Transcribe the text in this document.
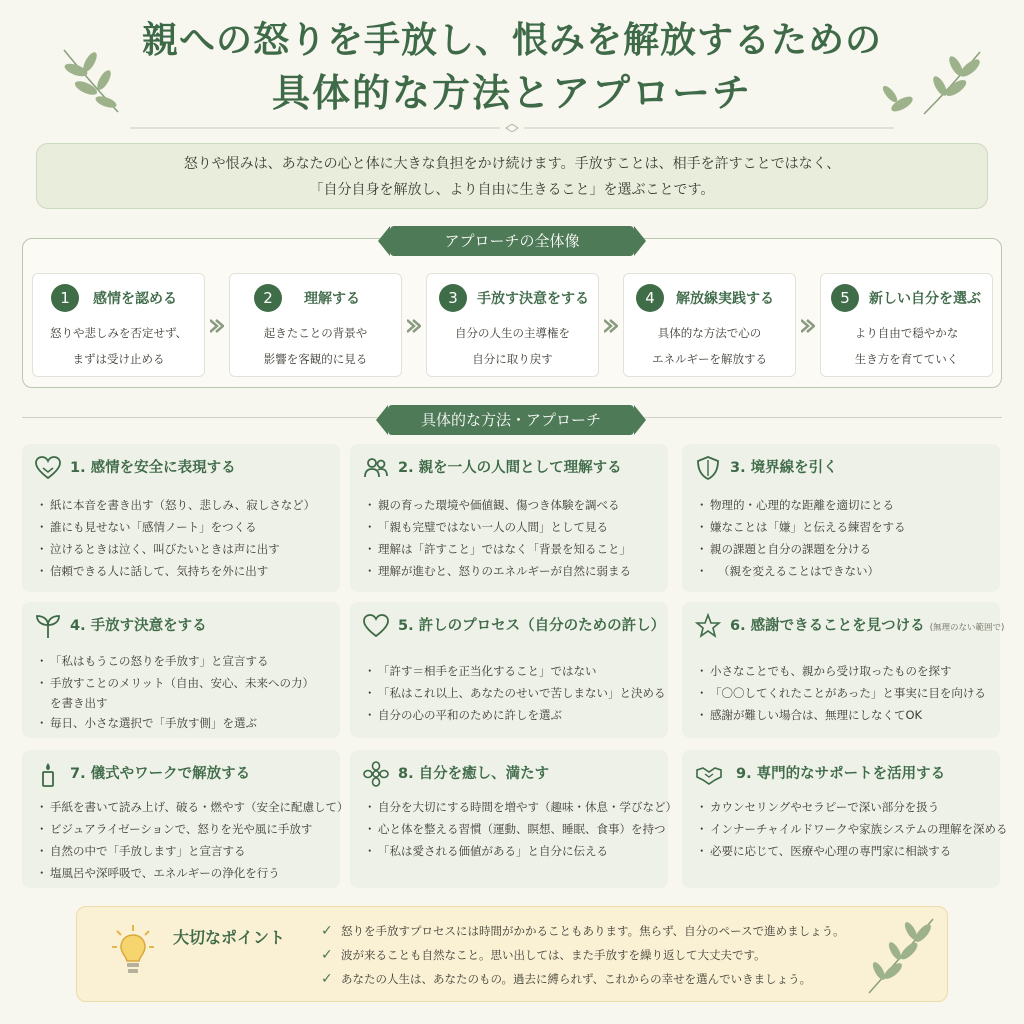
親への怒りを手放し、恨みを解放するための
具体的な方法とアプローチ
怒りや恨みは、あなたの心と体に大きな負担をかけ続けます。手放すことは、相手を許すことではなく、
「自分自身を解放し、より自由に生きること」を選ぶことです。
アプローチの全体像
1	感情を認める
怒りや悲しみを否定せず、
まずは受け止める
2	理解する
起きたことの背景や
影響を客観的に見る
3	手放す決意をする
自分の人生の主導権を
自分に取り戻す
4	解放線実践する
具体的な方法で心の
エネルギーを解放する
5	新しい自分を選ぶ
より自由で穏やかな
生き方を育てていく
具体的な方法・アプローチ
1. 感情を安全に表現する
・ 紙に本音を書き出す（怒り、悲しみ、寂しさなど）
・ 誰にも見せない「感情ノート」をつくる
・ 泣けるときは泣く、叫びたいときは声に出す
・ 信頼できる人に話して、気持ちを外に出す
2. 親を一人の人間として理解する
・ 親の育った環境や価値観、傷つき体験を調べる
・ 「親も完璧ではない一人の人間」として見る
・ 理解は「許すこと」ではなく「背景を知ること」
・ 理解が進むと、怒りのエネルギーが自然に弱まる
3. 境界線を引く
・ 物理的・心理的な距離を適切にとる
・ 嫌なことは「嫌」と伝える練習をする
・ 親の課題と自分の課題を分ける
・ （親を変えることはできない）
4. 手放す決意をする
・ 「私はもうこの怒りを手放す」と宣言する
・ 手放すことのメリット（自由、安心、未来への力）
を書き出す
・ 毎日、小さな選択で「手放す側」を選ぶ
5. 許しのプロセス（自分のための許し）
・ 「許す＝相手を正当化すること」ではない
・ 「私はこれ以上、あなたのせいで苦しまない」と決める
・ 自分の心の平和のために許しを選ぶ
6. 感謝できることを見つける (無理のない範囲で)
・ 小さなことでも、親から受け取ったものを探す
・ 「〇〇してくれたことがあった」と事実に目を向ける
・ 感謝が難しい場合は、無理にしなくてOK
7. 儀式やワークで解放する
・ 手紙を書いて読み上げ、破る・燃やす（安全に配慮して）
・ ビジュアライゼーションで、怒りを光や風に手放す
・ 自然の中で「手放します」と宣言する
・ 塩風呂や深呼吸で、エネルギーの浄化を行う
8. 自分を癒し、満たす
・ 自分を大切にする時間を増やす（趣味・休息・学びなど）
・ 心と体を整える習慣（運動、瞑想、睡眠、食事）を持つ
・ 「私は愛される価値がある」と自分に伝える
9. 専門的なサポートを活用する
・ カウンセリングやセラピーで深い部分を扱う
・ インナーチャイルドワークや家族システムの理解を深める
・ 必要に応じて、医療や心理の専門家に相談する
大切なポイント
✓	怒りを手放すプロセスには時間がかかることもあります。焦らず、自分のペースで進めましょう。
✓ 波が来ることも自然なこと。思い出しては、また手放すを繰り返して大丈夫です。
✓ あなたの人生は、あなたのもの。過去に縛られず、これからの幸せを選んでいきましょう。
